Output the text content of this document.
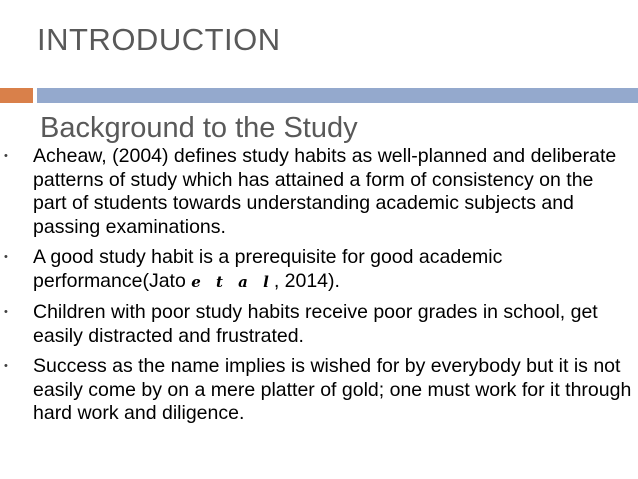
INTRODUCTION
Background to the Study
• Acheaw, (2004) defines study habits as well-planned and deliberate patterns of study which has attained a form of consistency on the part of students towards understanding academic subjects and passing examinations.
• A good study habit is a prerequisite for good academic performance(Jato e t a l, 2014).
• Children with poor study habits receive poor grades in school, get easily distracted and frustrated.
• Success as the name implies is wished for by everybody but it is not easily come by on a mere platter of gold; one must work for it through hard work and diligence.
